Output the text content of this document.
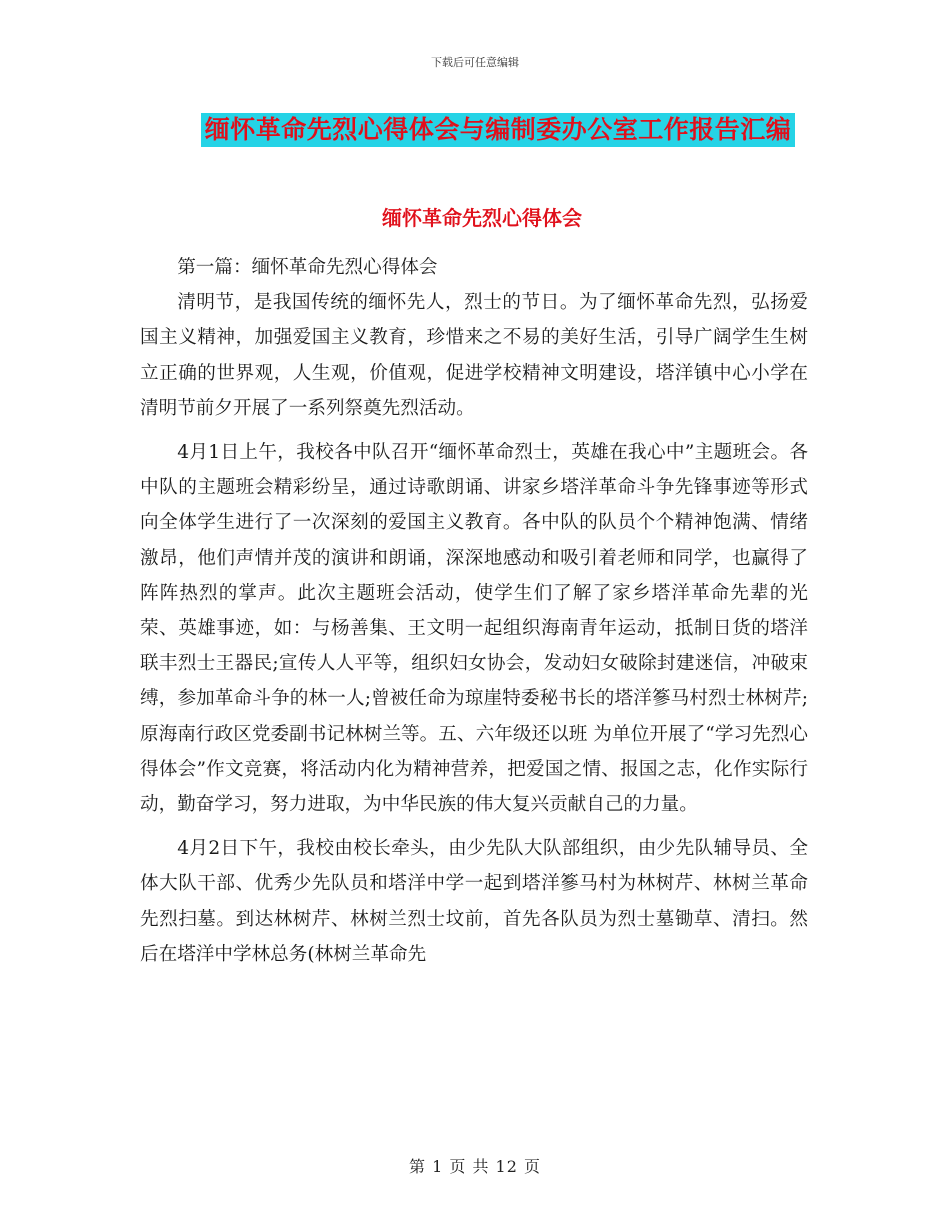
下载后可任意编辑
缅怀革命先烈心得体会与编制委办公室工作报告汇编
缅怀革命先烈心得体会

第一篇：缅怀革命先烈心得体会

清明节，是我国传统的缅怀先人，烈士的节日。为了缅怀革命先烈，弘扬爱国主义精神，加强爱国主义教育，珍惜来之不易的美好生活，引导广阔学生生树立正确的世界观，人生观，价值观，促进学校精神文明建设，塔洋镇中心小学在清明节前夕开展了一系列祭奠先烈活动。

4月1日上午，我校各中队召开“缅怀革命烈士，英雄在我心中”主题班会。各中队的主题班会精彩纷呈，通过诗歌朗诵、讲家乡塔洋革命斗争先锋事迹等形式向全体学生进行了一次深刻的爱国主义教育。各中队的队员个个精神饱满、情绪激昂，他们声情并茂的演讲和朗诵，深深地感动和吸引着老师和同学，也赢得了阵阵热烈的掌声。此次主题班会活动，使学生们了解了家乡塔洋革命先辈的光荣、英雄事迹，如：与杨善集、王文明一起组织海南青年运动，抵制日货的塔洋联丰烈士王器民;宣传人人平等，组织妇女协会，发动妇女破除封建迷信，冲破束缚，参加革命斗争的林一人;曾被任命为琼崖特委秘书长的塔洋篸马村烈士林树芹;原海南行政区党委副书记林树兰等。五、六年级还以班 为单位开展了“学习先烈心得体会”作文竞赛，将活动内化为精神营养，把爱国之情、报国之志，化作实际行动，勤奋学习，努力进取，为中华民族的伟大复兴贡献自己的力量。

4月2日下午，我校由校长牵头，由少先队大队部组织，由少先队辅导员、全体大队干部、优秀少先队员和塔洋中学一起到塔洋篸马村为林树芹、林树兰革命先烈扫墓。到达林树芹、林树兰烈士坟前，首先各队员为烈士墓锄草、清扫。然后在塔洋中学林总务(林树兰革命先

第 1 页 共 12 页
